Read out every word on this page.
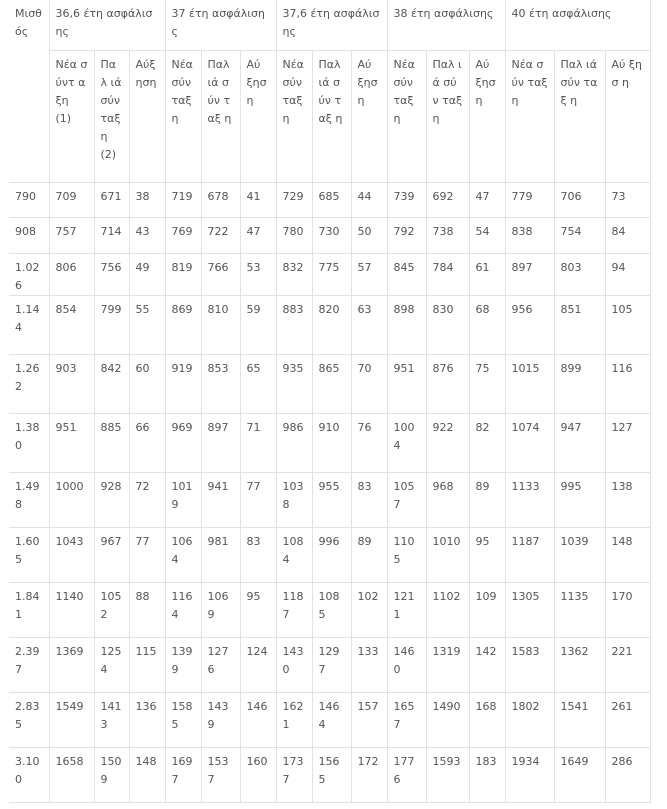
Μισθός	36,6 έτη ασφάλισης			37 έτη ασφάλισης			37,6 έτη ασφάλισης			38 έτη ασφάλισης			40 έτη ασφάλισης		
	Νέα σύντ αξη (1)	Παλ ιά σύν ταξ η (2)	Αύξ ηση	Νέα σύν ταξ η	Παλ ιά σύν ταξ η	Αύ ξησ η	Νέα σύν ταξ η	Παλ ιά σύν ταξ η	Αύ ξησ η	Νέα σύν ταξ η	Παλ ιά σύν ταξ η	Αύ ξησ η	Νέα σύν ταξ η	Παλ ιά σύν ταξ η	Αύ ξησ η
790	709	671	38	719	678	41	729	685	44	739	692	47	779	706	73
908	757	714	43	769	722	47	780	730	50	792	738	54	838	754	84
1.026	806	756	49	819	766	53	832	775	57	845	784	61	897	803	94
1.144	854	799	55	869	810	59	883	820	63	898	830	68	956	851	105
1.262	903	842	60	919	853	65	935	865	70	951	876	75	1015	899	116
1.380	951	885	66	969	897	71	986	910	76	1004	922	82	1074	947	127
1.498	1000	928	72	1019	941	77	1038	955	83	1057	968	89	1133	995	138
1.605	1043	967	77	1064	981	83	1084	996	89	1105	1010	95	1187	1039	148
1.841	1140	1052	88	1164	1069	95	1187	1085	102	1211	1102	109	1305	1135	170
2.397	1369	1254	115	1399	1276	124	1430	1297	133	1460	1319	142	1583	1362	221
2.835	1549	1413	136	1585	1439	146	1621	1464	157	1657	1490	168	1802	1541	261
3.100	1658	1509	148	1697	1537	160	1737	1565	172	1776	1593	183	1934	1649	286
